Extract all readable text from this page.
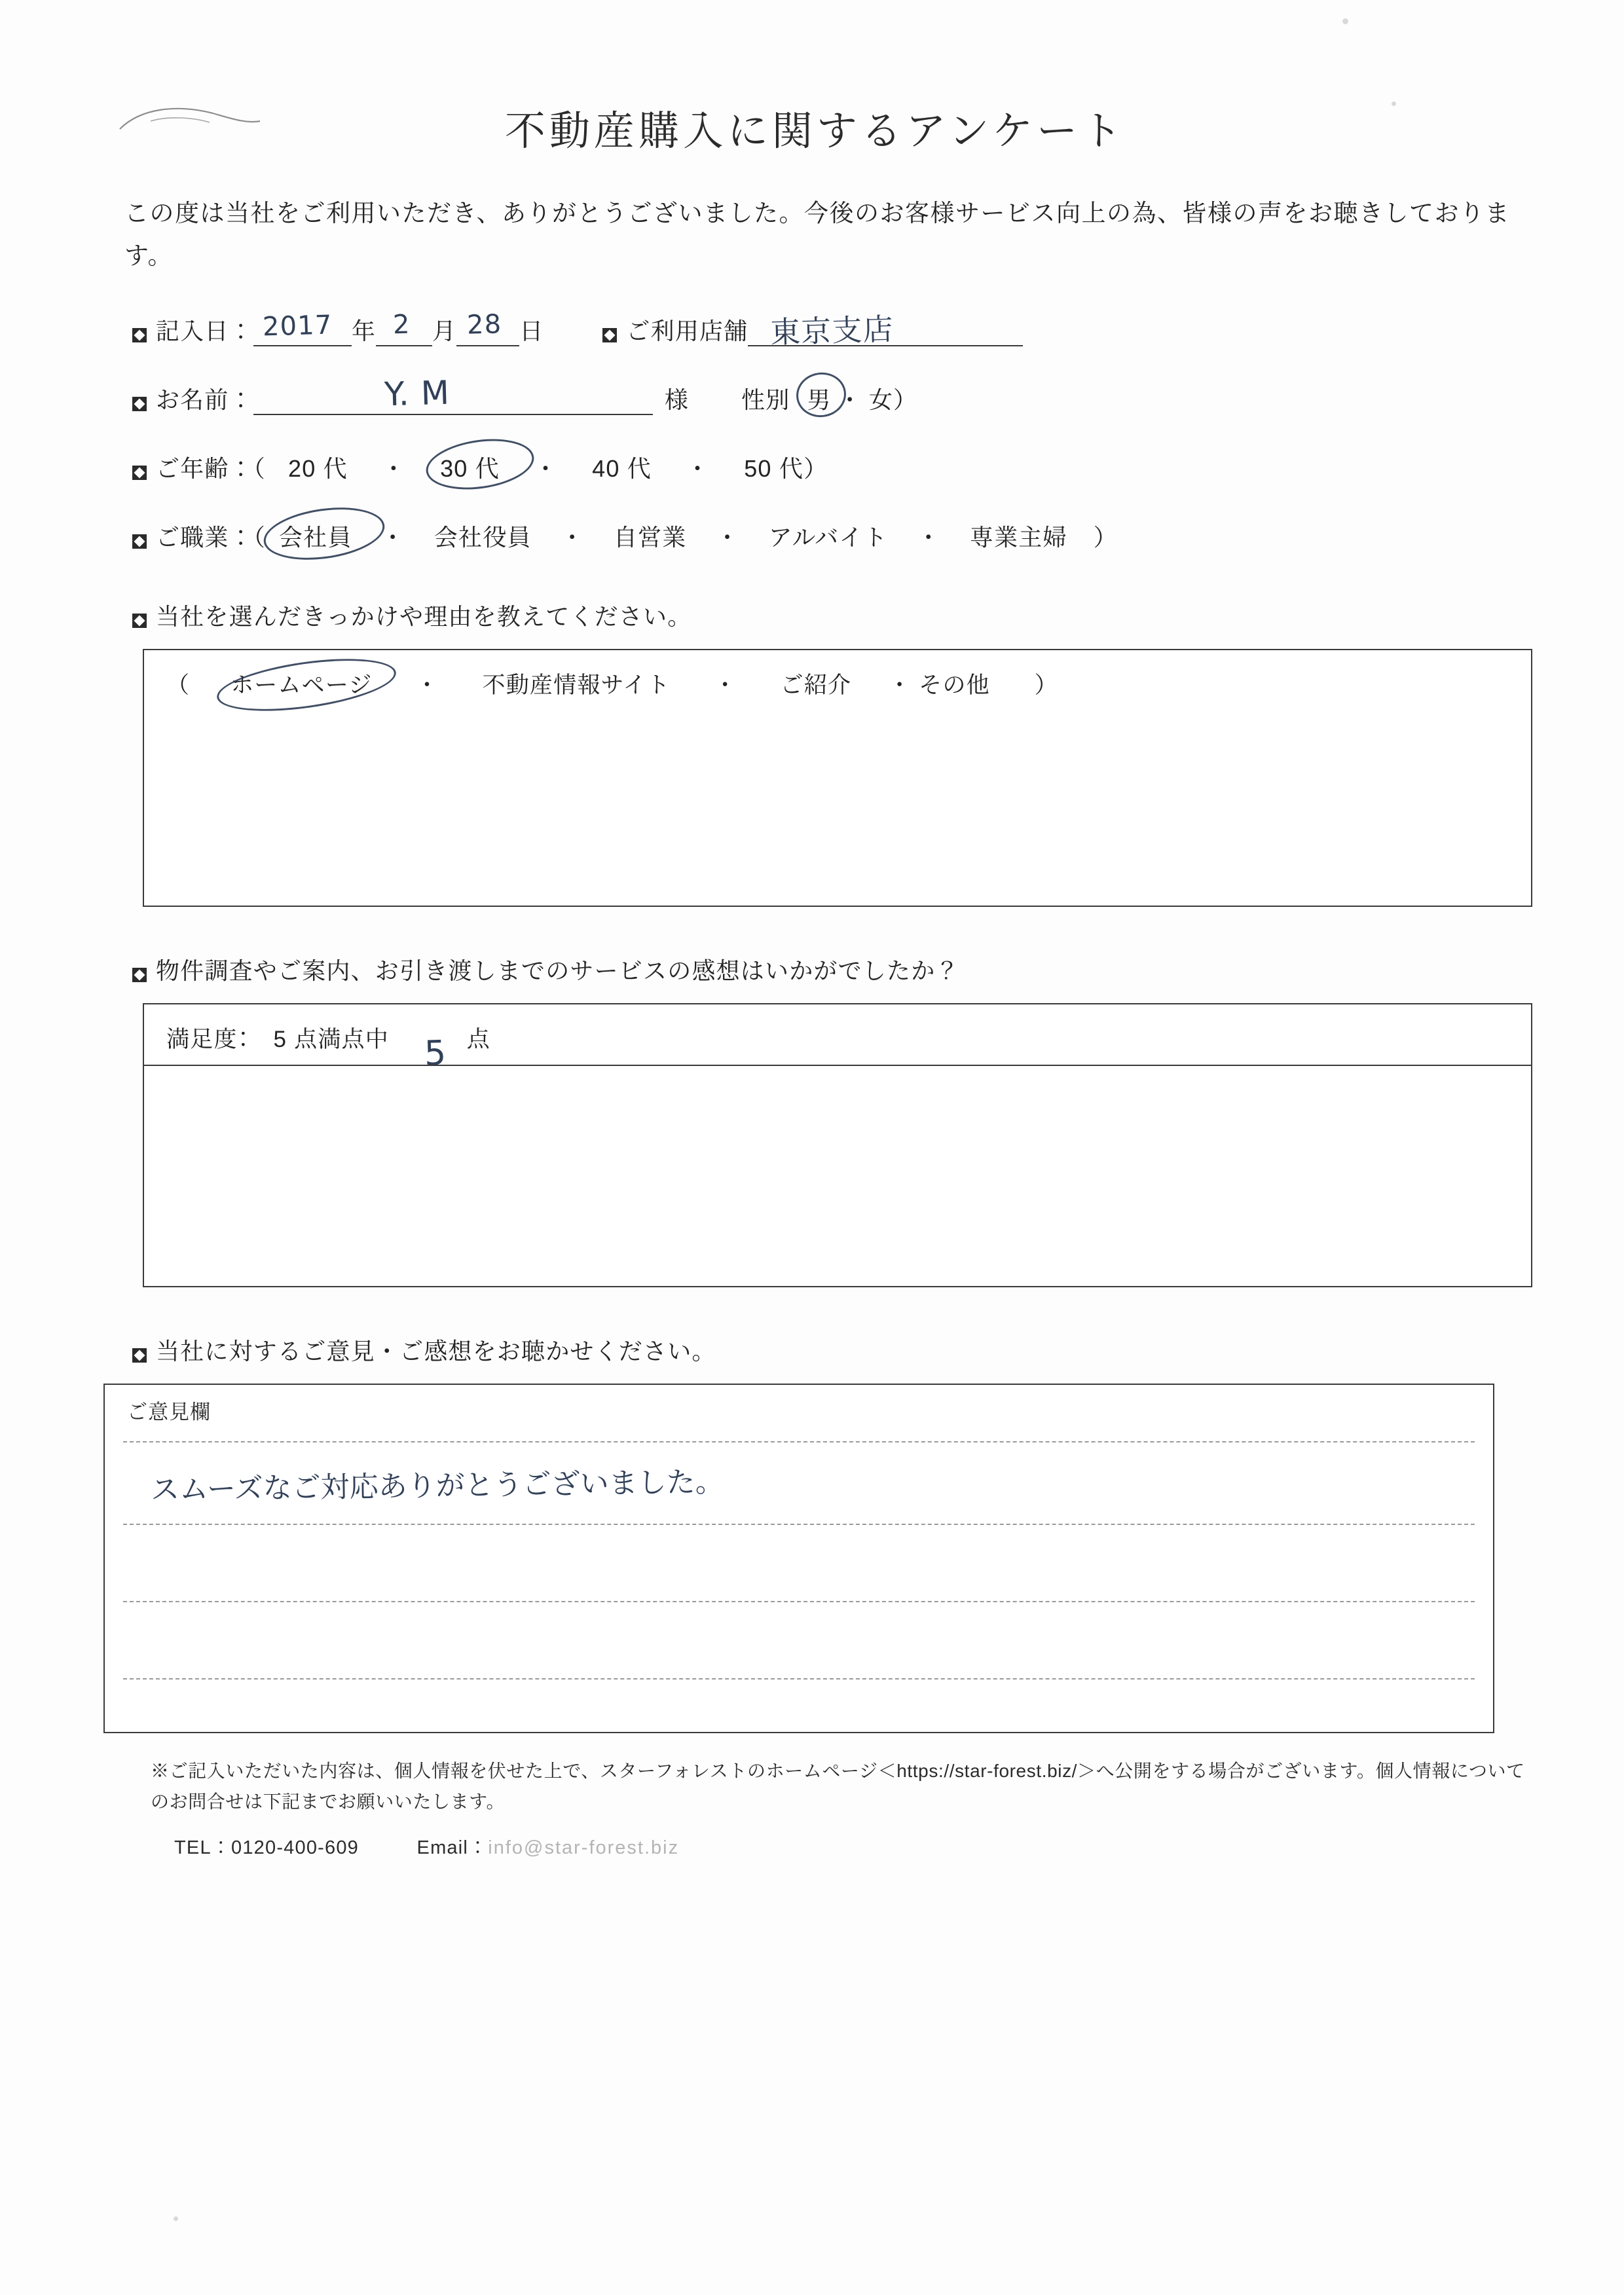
不動産購入に関するアンケート

この度は当社をご利用いただき、ありがとうございました。今後のお客様サービス向上の為、皆様の声をお聴きしております。

記入日： 2017 年 2 月 28 日	ご利用店舗 東京支店
お名前：	Y. M	様 性別 男 ・ 女 ）
ご年齢：（ 20 代 ・ 30 代 ・ 40 代 ・ 50 代 ）
ご職業：（ 会社員 ・ 会社役員 ・ 自営業 ・ アルバイト ・ 専業主婦 ）
当社を選んだきっかけや理由を教えてください。
（ ホームページ ・ 不動産情報サイト ・ ご紹介 ・ その他 ）
物件調査やご案内、お引き渡しまでのサービスの感想はいかがでしたか？
満足度：　5 点満点中 5 点
当社に対するご意見・ご感想をお聴かせください。
ご意見欄
スムーズなご対応ありがとうございました。
※ご記入いただいた内容は、個人情報を伏せた上で、スターフォレストのホームページ＜https://star-forest.biz/＞へ公開をする場合がございます。個人情報についてのお問合せは下記までお願いいたします。
TEL：0120-400-609	Email：info@star-forest.biz
